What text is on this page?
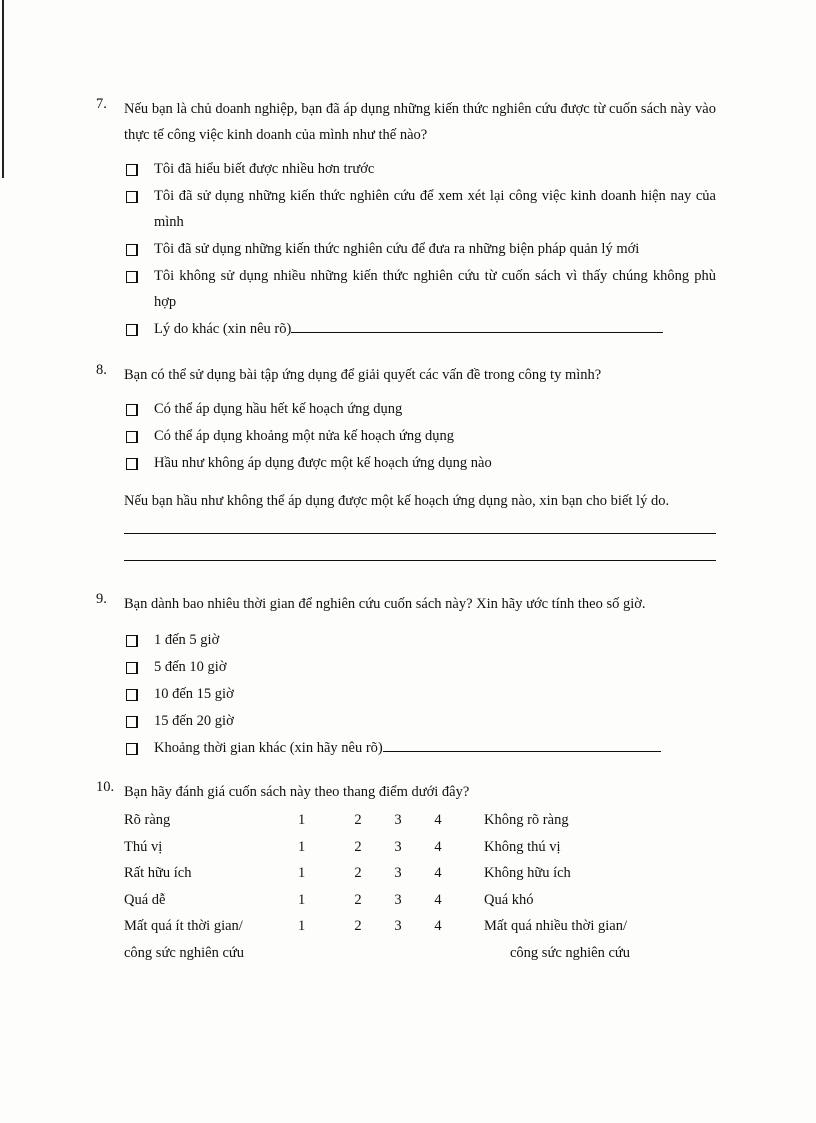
7. Nếu bạn là chủ doanh nghiệp, bạn đã áp dụng những kiến thức nghiên cứu được từ cuốn sách này vào thực tế công việc kinh doanh của mình như thế nào?
Tôi đã hiểu biết được nhiều hơn trước
Tôi đã sử dụng những kiến thức nghiên cứu để xem xét lại công việc kinh doanh hiện nay của mình
Tôi đã sử dụng những kiến thức nghiên cứu để đưa ra những biện pháp quản lý mới
Tôi không sử dụng nhiều những kiến thức nghiên cứu từ cuốn sách vì thấy chúng không phù hợp
Lý do khác (xin nêu rõ)
8. Bạn có thể sử dụng bài tập ứng dụng để giải quyết các vấn đề trong công ty mình?
Có thể áp dụng hầu hết kế hoạch ứng dụng
Có thể áp dụng khoảng một nửa kế hoạch ứng dụng
Hầu như không áp dụng được một kế hoạch ứng dụng nào
Nếu bạn hầu như không thể áp dụng được một kế hoạch ứng dụng nào, xin bạn cho biết lý do.
9. Bạn dành bao nhiêu thời gian để nghiên cứu cuốn sách này? Xin hãy ước tính theo số giờ.
1 đến 5 giờ
5 đến 10 giờ
10 đến 15 giờ
15 đến 20 giờ
Khoảng thời gian khác (xin hãy nêu rõ)
10. Bạn hãy đánh giá cuốn sách này theo thang điểm dưới đây?
Rõ ràng	1	2	3	4	Không rõ ràng
Thú vị	1	2	3	4	Không thú vị
Rất hữu ích	1	2	3	4	Không hữu ích
Quá dễ	1	2	3	4	Quá khó
Mất quá ít thời gian/	1	2	3	4	Mất quá nhiều thời gian/
công sức nghiên cứu	công sức nghiên cứu
